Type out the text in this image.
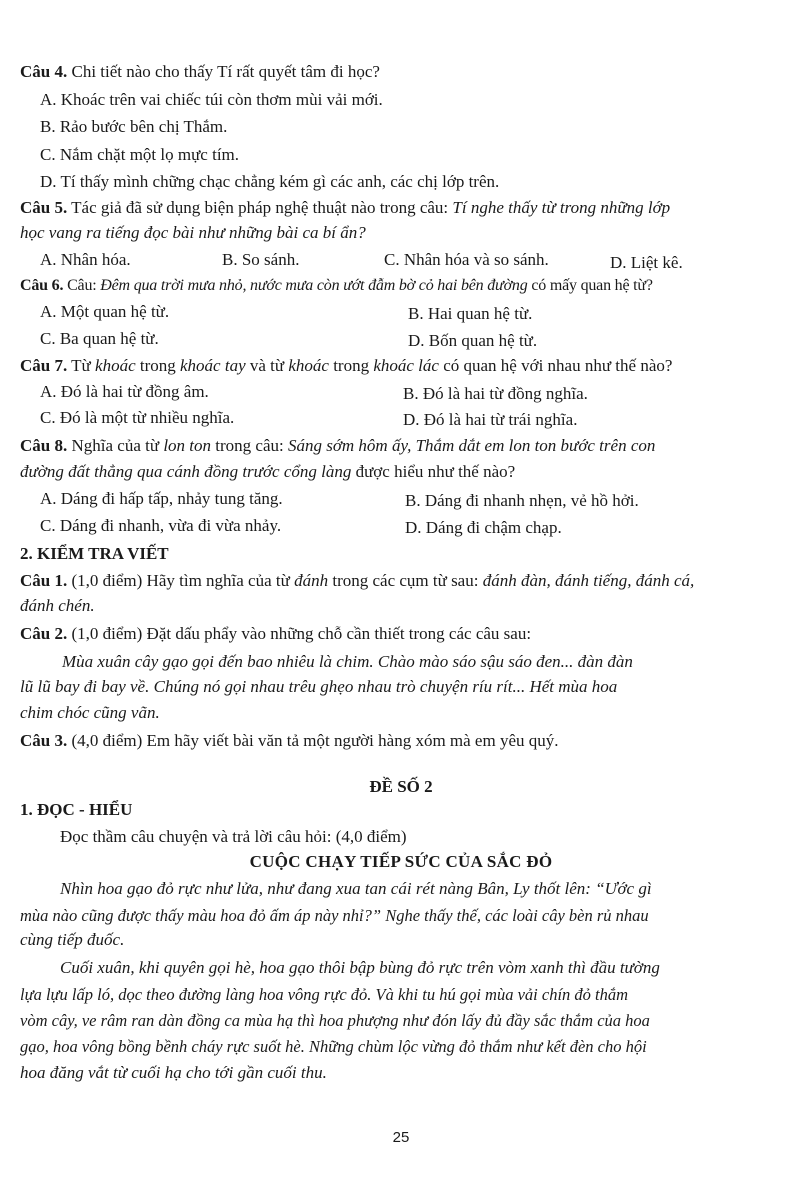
Câu 4. Chi tiết nào cho thấy Tí rất quyết tâm đi học?
A. Khoác trên vai chiếc túi còn thơm mùi vải mới.
B. Rảo bước bên chị Thắm.
C. Nắm chặt một lọ mực tím.
D. Tí thấy mình chững chạc chẳng kém gì các anh, các chị lớp trên.
Câu 5. Tác giả đã sử dụng biện pháp nghệ thuật nào trong câu: Tí nghe thấy từ trong những lớp
học vang ra tiếng đọc bài như những bài ca bí ẩn?
A. Nhân hóa.	B. So sánh.	C. Nhân hóa và so sánh.	D. Liệt kê.
Câu 6. Câu: Đêm qua trời mưa nhỏ, nước mưa còn ướt đẫm bờ cỏ hai bên đường có mấy quan hệ từ?
A. Một quan hệ từ.	B. Hai quan hệ từ.
C. Ba quan hệ từ.	D. Bốn quan hệ từ.
Câu 7. Từ khoác trong khoác tay và từ khoác trong khoác lác có quan hệ với nhau như thế nào?
A. Đó là hai từ đồng âm.	B. Đó là hai từ đồng nghĩa.
C. Đó là một từ nhiều nghĩa.	D. Đó là hai từ trái nghĩa.
Câu 8. Nghĩa của từ lon ton trong câu: Sáng sớm hôm ấy, Thắm dắt em lon ton bước trên con
đường đất thẳng qua cánh đồng trước cổng làng được hiểu như thế nào?
A. Dáng đi hấp tấp, nhảy tung tăng.	B. Dáng đi nhanh nhẹn, vẻ hồ hởi.
C. Dáng đi nhanh, vừa đi vừa nhảy.	D. Dáng đi chậm chạp.
2. KIỂM TRA VIẾT
Câu 1. (1,0 điểm) Hãy tìm nghĩa của từ đánh trong các cụm từ sau: đánh đàn, đánh tiếng, đánh cá,
đánh chén.
Câu 2. (1,0 điểm) Đặt dấu phẩy vào những chỗ cần thiết trong các câu sau:
Mùa xuân cây gạo gọi đến bao nhiêu là chim. Chào mào sáo sậu sáo đen... đàn đàn
lũ lũ bay đi bay về. Chúng nó gọi nhau trêu ghẹo nhau trò chuyện ríu rít... Hết mùa hoa
chim chóc cũng vãn.
Câu 3. (4,0 điểm) Em hãy viết bài văn tả một người hàng xóm mà em yêu quý.
ĐỀ SỐ 2
1. ĐỌC - HIỂU
Đọc thầm câu chuyện và trả lời câu hỏi: (4,0 điểm)
CUỘC CHẠY TIẾP SỨC CỦA SẮC ĐỎ
Nhìn hoa gạo đỏ rực như lửa, như đang xua tan cái rét nàng Bân, Ly thốt lên: “Ước gì
mùa nào cũng được thấy màu hoa đỏ ấm áp này nhỉ?” Nghe thấy thế, các loài cây bèn rủ nhau
cùng tiếp đuốc.
Cuối xuân, khi quyên gọi hè, hoa gạo thôi bập bùng đỏ rực trên vòm xanh thì đầu tường
lựa lựu lấp ló, dọc theo đường làng hoa vông rực đỏ. Và khi tu hú gọi mùa vải chín đỏ thắm
vòm cây, ve râm ran dàn đồng ca mùa hạ thì hoa phượng như đón lấy đủ đầy sắc thắm của hoa
gạo, hoa vông bồng bềnh cháy rực suốt hè. Những chùm lộc vừng đỏ thắm như kết đèn cho hội
hoa đăng vắt từ cuối hạ cho tới gần cuối thu.
25
